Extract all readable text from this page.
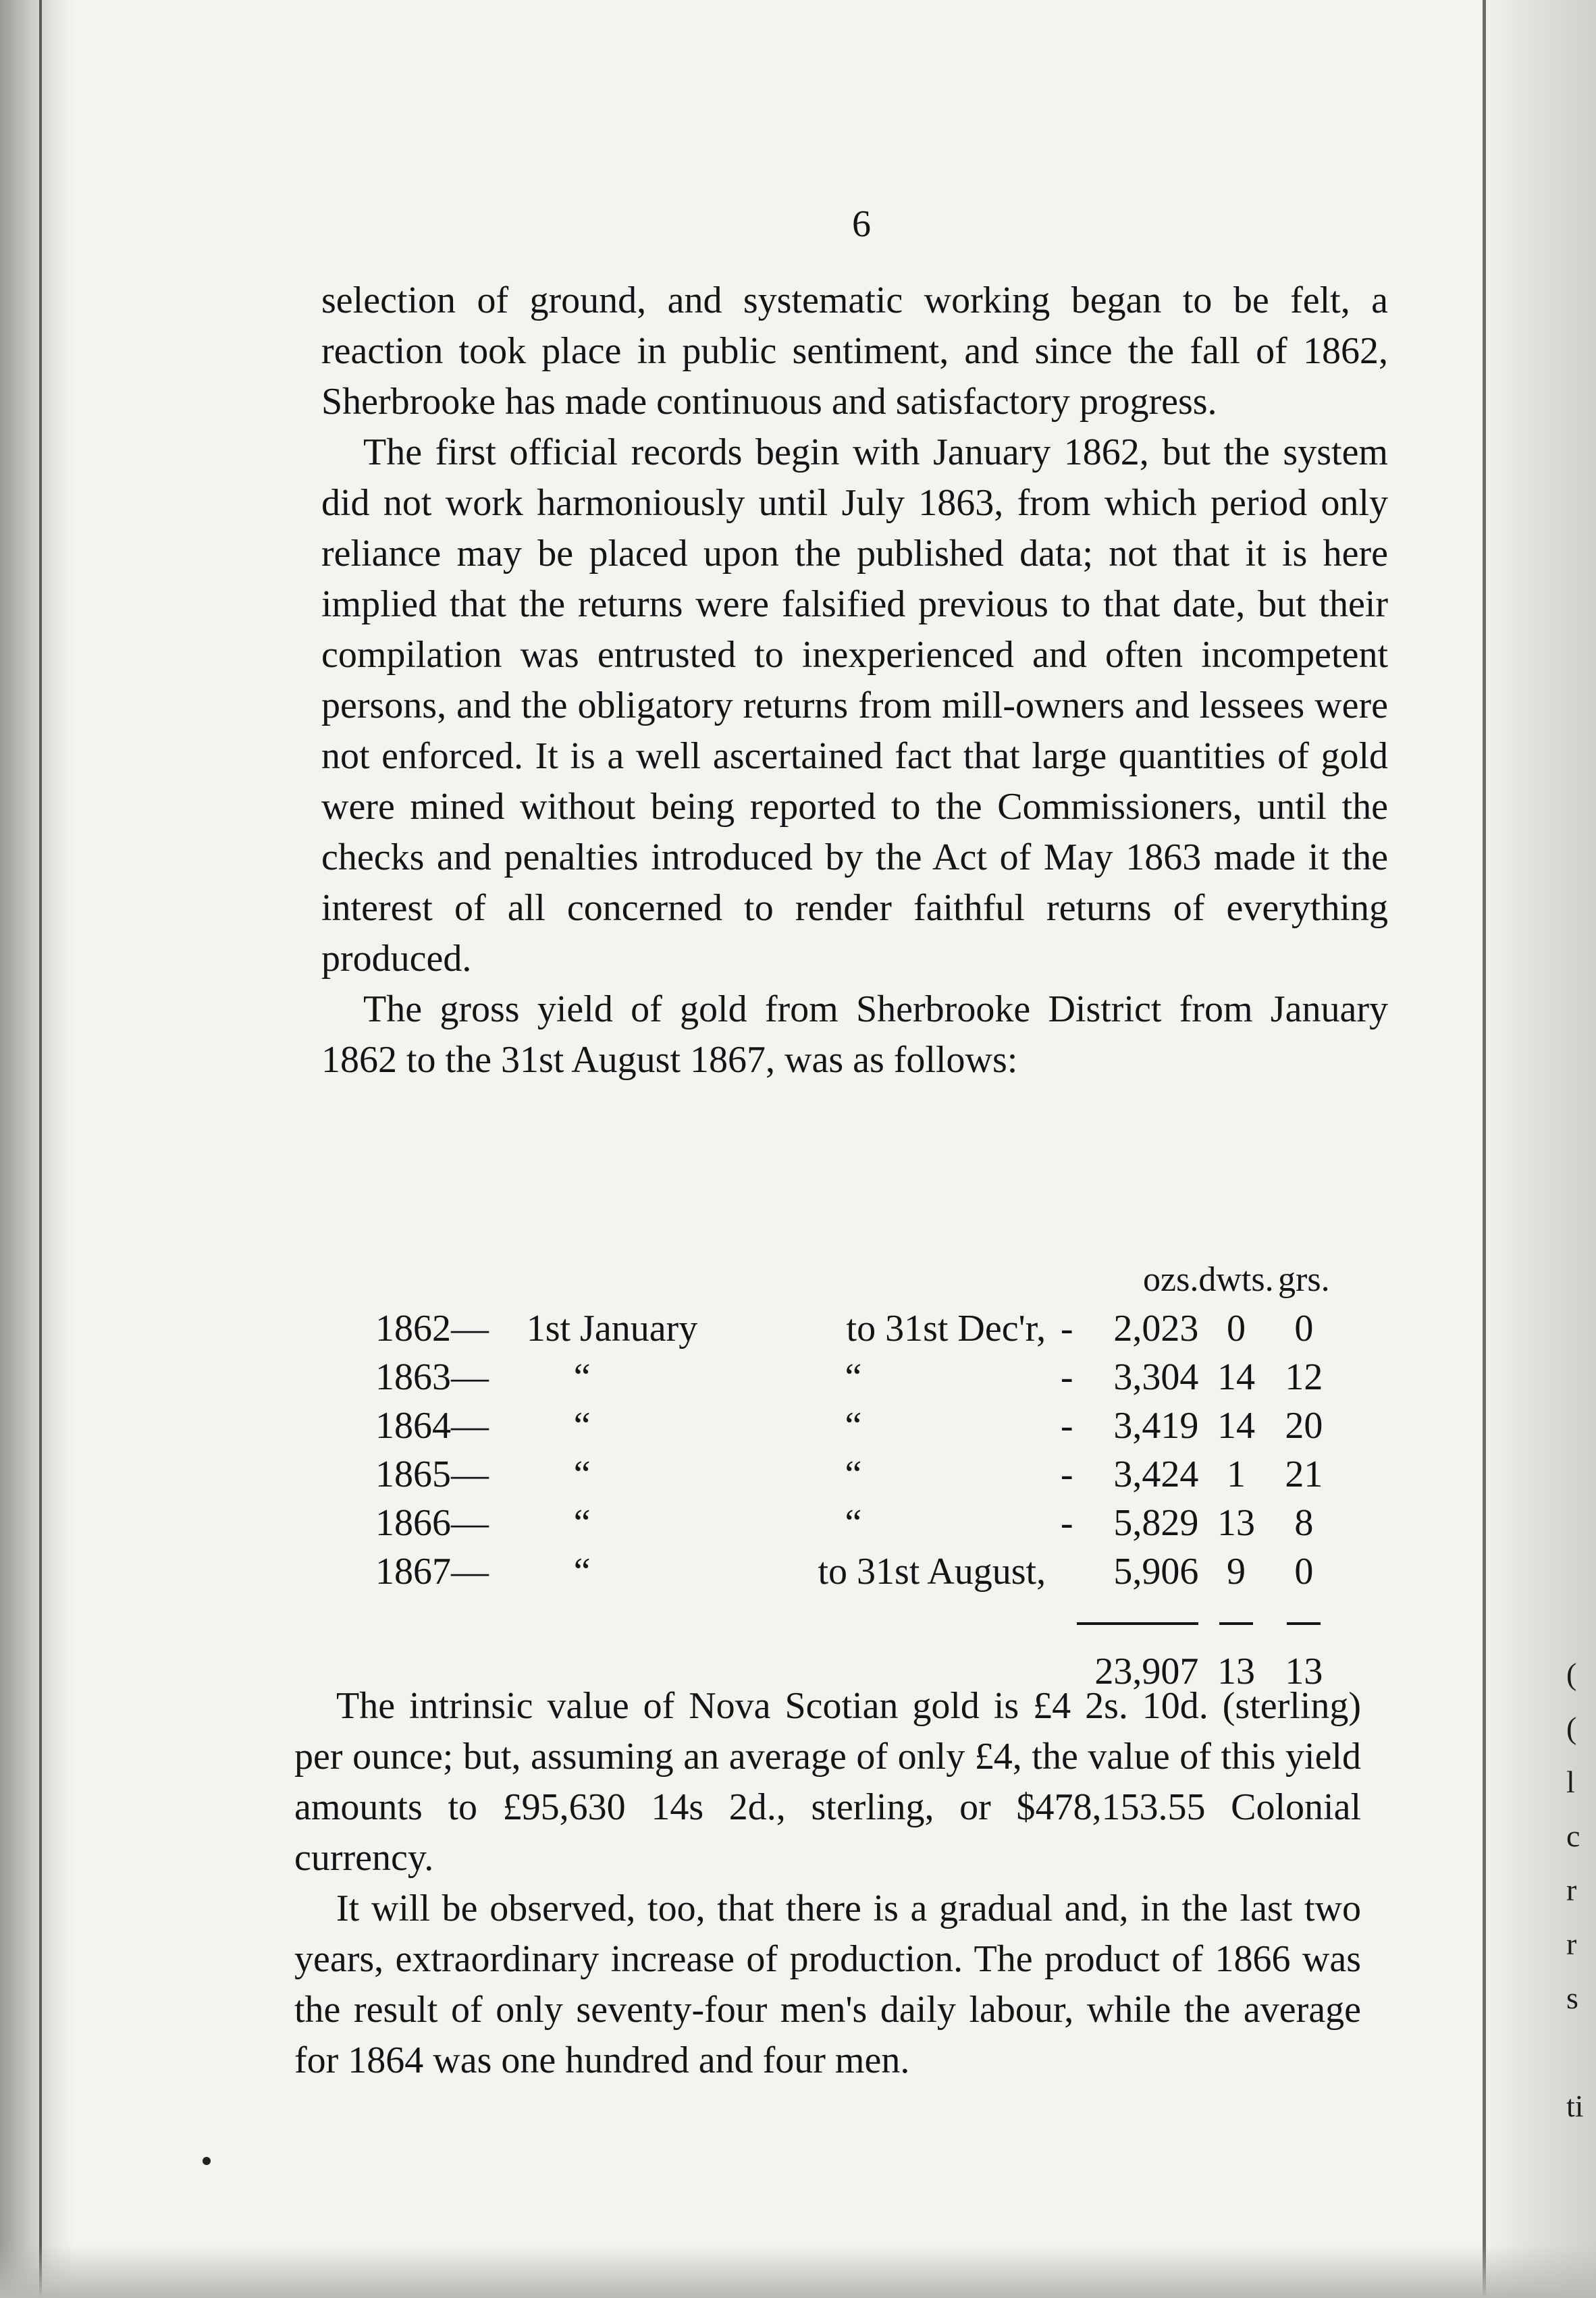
(
(
l
c
r
r
s
ti
6

selection of ground, and systematic working began to be felt, a reaction took place in public sentiment, and since the fall of 1862, Sherbrooke has made continuous and satisfactory progress.

The first official records begin with January 1862, but the system did not work harmoniously until July 1863, from which period only reliance may be placed upon the published data; not that it is here implied that the returns were falsified previous to that date, but their compilation was entrusted to inexperienced and often incompetent persons, and the obligatory returns from mill-owners and lessees were not enforced. It is a well ascertained fact that large quantities of gold were mined without being reported to the Commissioners, until the checks and penalties introduced by the Act of May 1863 made it the interest of all concerned to render faithful returns of everything produced.

The gross yield of gold from Sherbrooke District from January 1862 to the 31st August 1867, was as follows:

				ozs.	dwts.	grs.
1862—	1st January	to 31st Dec'r,	-	2,023	0	0
1863—	“	“	-	3,304	14	12
1864—	“	“	-	3,419	14	20
1865—	“	“	-	3,424	1	21
1866—	“	“	-	5,829	13	8
1867—	“	to 31st August,		5,906	9	0

				23,907	13	13

The intrinsic value of Nova Scotian gold is £4 2s. 10d. (sterling) per ounce; but, assuming an average of only £4, the value of this yield amounts to £95,630 14s 2d., sterling, or $478,153.55 Colonial currency.

It will be observed, too, that there is a gradual and, in the last two years, extraordinary increase of production. The product of 1866 was the result of only seventy-four men's daily labour, while the average for 1864 was one hundred and four men.
